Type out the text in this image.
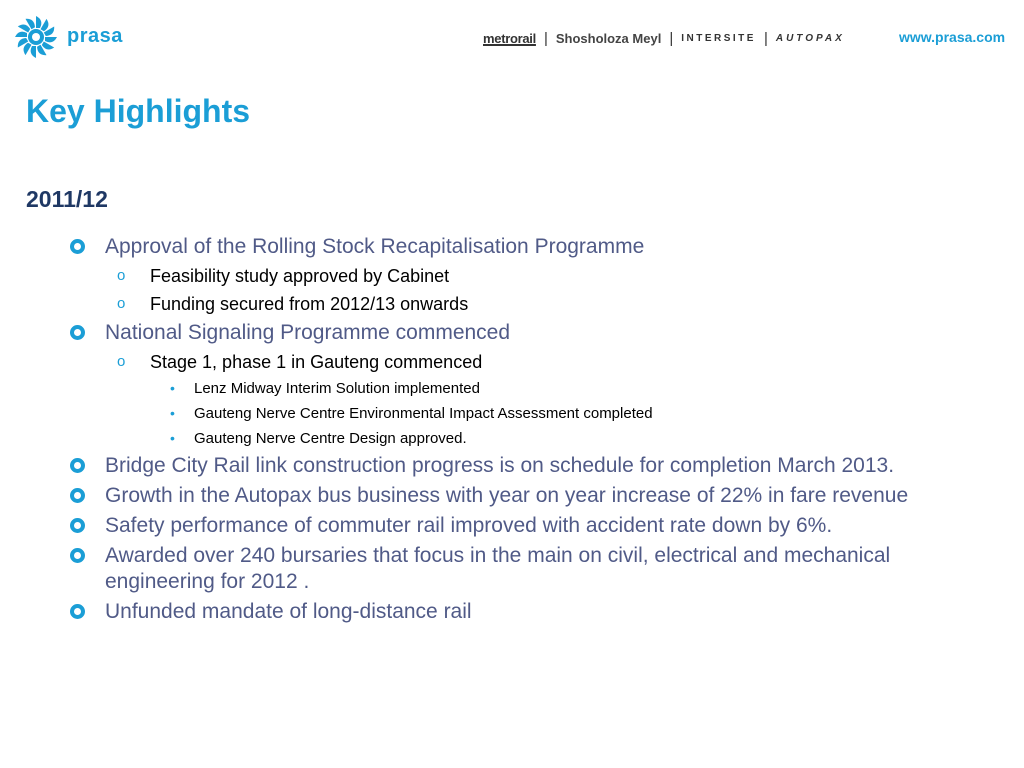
prasa	metrorail | Shosholoza Meyl | INTERSITE | AUTOPAX	www.prasa.com
Key Highlights
2011/12
Approval of the Rolling Stock Recapitalisation Programme
o Feasibility study approved by Cabinet
o Funding secured from 2012/13 onwards
National Signaling Programme commenced
o Stage 1, phase 1 in Gauteng commenced
• Lenz Midway Interim Solution implemented
• Gauteng Nerve Centre Environmental Impact Assessment completed
• Gauteng Nerve Centre Design approved.
Bridge City Rail link construction progress is on schedule for completion March 2013.
Growth in the Autopax bus business with year on year increase of 22% in fare revenue
Safety performance of commuter rail improved with accident rate down by 6%.
Awarded over 240 bursaries that focus in the main on civil, electrical and mechanical engineering for 2012 .
Unfunded mandate of long-distance rail
